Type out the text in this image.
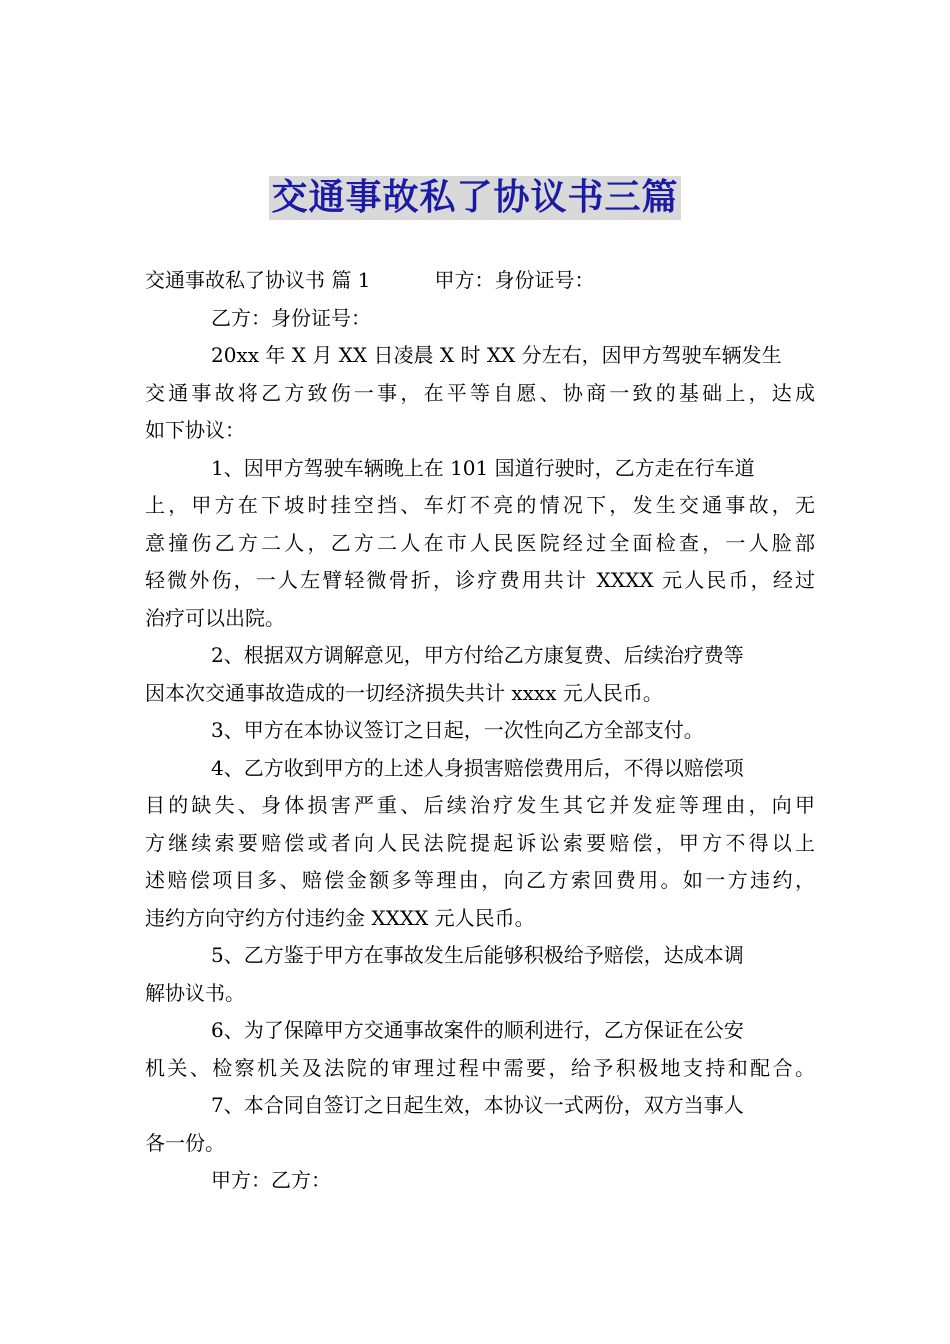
交通事故私了协议书三篇
交通事故私了协议书 篇 1	甲方：身份证号：
乙方：身份证号：
20xx 年 X 月 XX 日凌晨 X 时 XX 分左右，因甲方驾驶车辆发生
交通事故将乙方致伤一事，在平等自愿、协商一致的基础上，达成
如下协议：
1、因甲方驾驶车辆晚上在 101 国道行驶时，乙方走在行车道
上，甲方在下坡时挂空挡、车灯不亮的情况下，发生交通事故，无
意撞伤乙方二人，乙方二人在市人民医院经过全面检查，一人脸部
轻微外伤，一人左臂轻微骨折，诊疗费用共计 XXXX 元人民币，经过
治疗可以出院。
2、根据双方调解意见，甲方付给乙方康复费、后续治疗费等
因本次交通事故造成的一切经济损失共计 xxxx 元人民币。
3、甲方在本协议签订之日起，一次性向乙方全部支付。
4、乙方收到甲方的上述人身损害赔偿费用后，不得以赔偿项
目的缺失、身体损害严重、后续治疗发生其它并发症等理由，向甲
方继续索要赔偿或者向人民法院提起诉讼索要赔偿，甲方不得以上
述赔偿项目多、赔偿金额多等理由，向乙方索回费用。如一方违约，
违约方向守约方付违约金 XXXX 元人民币。
5、乙方鉴于甲方在事故发生后能够积极给予赔偿，达成本调
解协议书。
6、为了保障甲方交通事故案件的顺利进行，乙方保证在公安
机关、检察机关及法院的审理过程中需要，给予积极地支持和配合。
7、本合同自签订之日起生效，本协议一式两份，双方当事人
各一份。
甲方：乙方：
